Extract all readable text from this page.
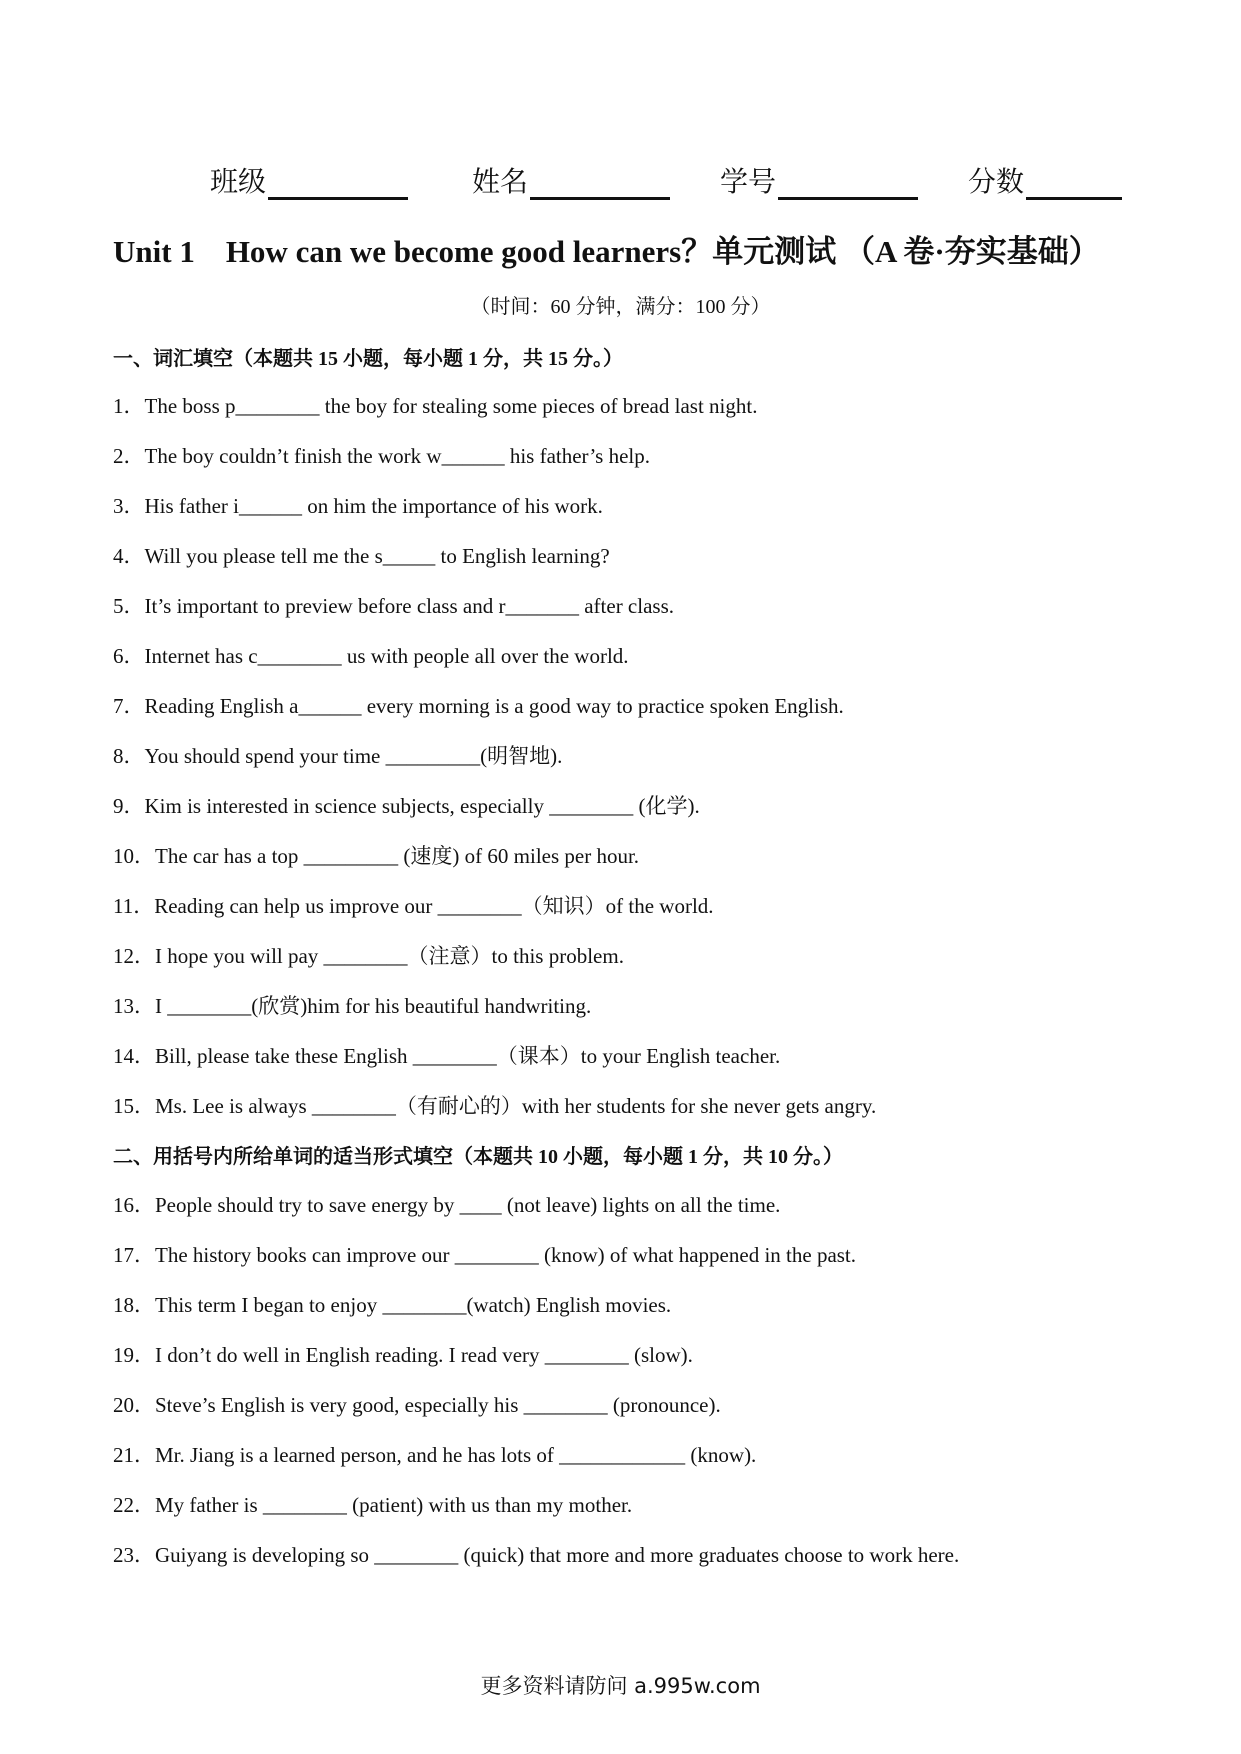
班级	姓名	学号	分数
Unit 1　How can we become good learners？单元测试 （A 卷·夯实基础）
（时间：60 分钟，满分：100 分）
一、词汇填空（本题共 15 小题，每小题 1 分，共 15 分。）
1．The boss p________ the boy for stealing some pieces of bread last night.
2．The boy couldn’t finish the work w______ his father’s help.
3．His father i______ on him the importance of his work.
4．Will you please tell me the s_____ to English learning?
5．It’s important to preview before class and r_______ after class.
6．Internet has c________ us with people all over the world.
7．Reading English a______ every morning is a good way to practice spoken English.
8．You should spend your time _________(明智地).
9．Kim is interested in science subjects, especially ________ (化学).
10．The car has a top _________ (速度) of 60 miles per hour.
11．Reading can help us improve our ________（知识）of the world.
12．I hope you will pay ________（注意）to this problem.
13．I ________(欣赏)him for his beautiful handwriting.
14．Bill, please take these English ________（课本）to your English teacher.
15．Ms. Lee is always ________（有耐心的）with her students for she never gets angry.
二、用括号内所给单词的适当形式填空（本题共 10 小题，每小题 1 分，共 10 分。）
16．People should try to save energy by ____ (not leave) lights on all the time.
17．The history books can improve our ________ (know) of what happened in the past.
18．This term I began to enjoy ________(watch) English movies.
19．I don’t do well in English reading. I read very ________ (slow).
20．Steve’s English is very good, especially his ________ (pronounce).
21．Mr. Jiang is a learned person, and he has lots of ____________ (know).
22．My father is ________ (patient) with us than my mother.
23．Guiyang is developing so ________ (quick) that more and more graduates choose to work here.
更多资料请防问 a.995w.com
